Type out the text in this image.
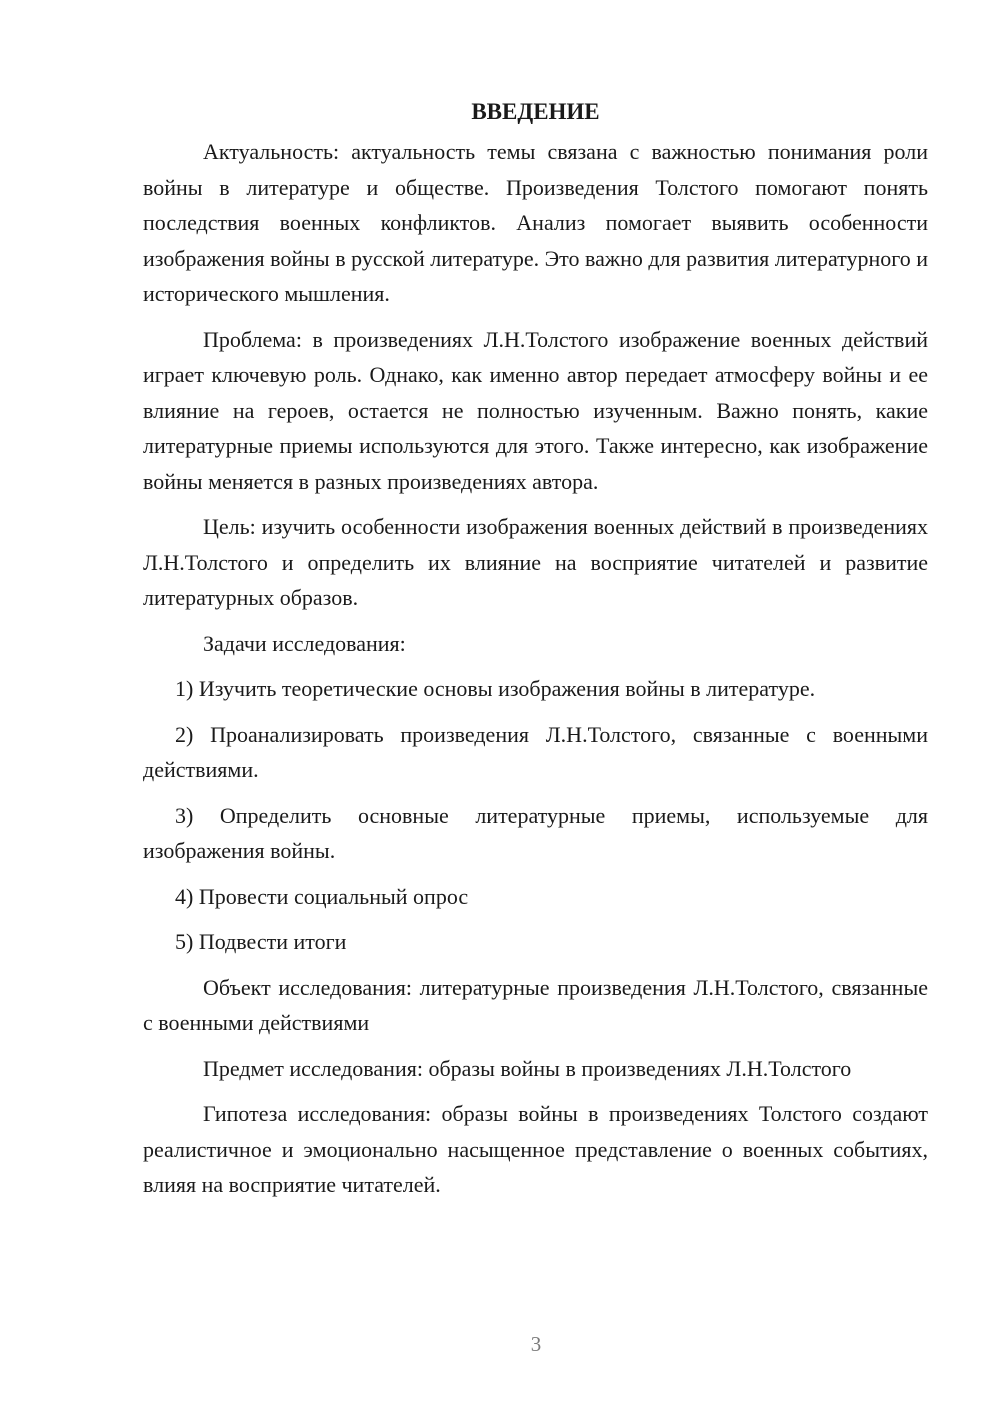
ВВЕДЕНИЕ

Актуальность: актуальность темы связана с важностью понимания роли войны в литературе и обществе. Произведения Толстого помогают понять последствия военных конфликтов. Анализ помогает выявить особенности изображения войны в русской литературе. Это важно для развития литературного и исторического мышления.

Проблема: в произведениях Л.Н.Толстого изображение военных действий играет ключевую роль. Однако, как именно автор передает атмосферу войны и ее влияние на героев, остается не полностью изученным. Важно понять, какие литературные приемы используются для этого. Также интересно, как изображение войны меняется в разных произведениях автора.

Цель: изучить особенности изображения военных действий в произведениях Л.Н.Толстого и определить их влияние на восприятие читателей и развитие литературных образов.

Задачи исследования:

1) Изучить теоретические основы изображения войны в литературе.

2) Проанализировать произведения Л.Н.Толстого, связанные с военными действиями.

3) Определить основные литературные приемы, используемые для изображения войны.

4) Провести социальный опрос

5) Подвести итоги

Объект исследования: литературные произведения Л.Н.Толстого, связанные с военными действиями

Предмет исследования: образы войны в произведениях Л.Н.Толстого

Гипотеза исследования: образы войны в произведениях Толстого создают реалистичное и эмоционально насыщенное представление о военных событиях, влияя на восприятие читателей.

3
